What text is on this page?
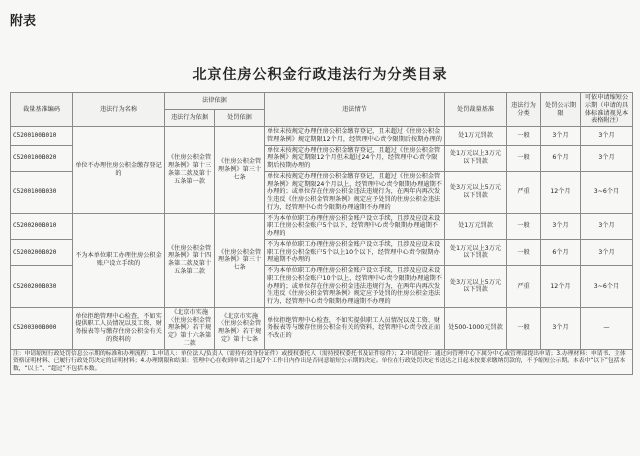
附表
北京住房公积金行政违法行为分类目录
裁量基准编码	违法行为名称	法律依据		违法情节	处罚裁量基准	违法行为分类	处罚公示期限	可依申请缩短公示期（申请的具体标准请视见本表格附注）
		违法行为依据	处罚依据					
C5200100B010	单位不办理住房公积金缴存登记的	《住房公积金管理条例》第十三条第二款及第十五条第一款	《住房公积金管理条例》第三十七条	单位未按规定办理住房公积金缴存登记，且未超过《住房公积金管理条例》规定期限12个月，经管理中心责令限期后按期办理的	处1万元罚款	一般	3个月	3个月
C5200100B020				单位未按规定办理住房公积金缴存登记，且超过《住房公积金管理条例》规定期限12个月但未超过24个月，经管理中心责令限期后按期办理的	处1万元以上3万元以下罚款	一般	6个月	3个月
C5200100B030				单位未按规定办理住房公积金缴存登记，且超过《住房公积金管理条例》规定期限24个月以上，经管理中心责令限期办理逾期不办理的；或单位存在住房公积金违法违规行为，在两年内再次发生违反《住房公积金管理条例》规定应予处罚的住房公积金违法行为，经管理中心责令限期办理逾期不办理的	处3万元以上5万元以下罚款	严重	12个月	3~6个月
C5200200B010	不为本单位职工办理住房公积金账户设立手续的	《住房公积金管理条例》第十四条第二款及第十五条第二款	《住房公积金管理条例》第三十七条	不为本单位职工办理住房公积金账户设立手续，且涉及应设未设职工住房公积金账户5个以下，经管理中心责令限期办理逾期不办理的	处1万元罚款	一般	3个月	3个月
C5200200B020				不为本单位职工办理住房公积金账户设立手续，且涉及应设未设职工住房公积金账户5个以上10个以下，经管理中心责令限期办理逾期不办理的	处1万元以上3万元以下罚款	一般	6个月	3个月
C5200200B030				不为本单位职工办理住房公积金账户设立手续，且涉及应设未设职工住房公积金账户10个以上，经管理中心责令限期办理逾期不办理的；或单位存在住房公积金违法违规行为，在两年内再次发生违反《住房公积金管理条例》规定应予处罚的住房公积金违法行为，经管理中心责令限期办理逾期不办理的	处3万元以上5万元以下罚款	严重	12个月	3~6个月
C5200300B000	单位拒绝管理中心检查，不如实提供职工人员情况以及工资、财务报表等与缴存住房公积金有关的资料的	《北京市实施〈住房公积金管理条例〉若干规定》第十六条第二款	《北京市实施〈住房公积金管理条例〉若干规定》第十七条	单位拒绝管理中心检查，不如实提供职工人员情况以及工资、财务报表等与缴存住房公积金有关的资料，经管理中心责令改正而不改正的	处500-1000元罚款	一般	3个月	—
注：申请缩短行政处罚信息公示期的标准和办理流程：1.申请人：单位法人/负责人（需持有效身份证件）或授权委托人（需持授权委托书及证件原件）；2.申请途径：通过向管理中心下属分中心或管理部提出申请；3.办理材料：申请书、主体资格证明材料、已履行行政处罚决定的证明材料；4.办理期限和结果：管理中心在收到申请之日起7个工作日内作出是否同意缩短公示期的决定。单位在行政处罚决定书送达之日起未按要求缴纳罚款的，不予缩短公示期。本表中“以下”包括本数，“以上”、“超过”不包括本数。								
